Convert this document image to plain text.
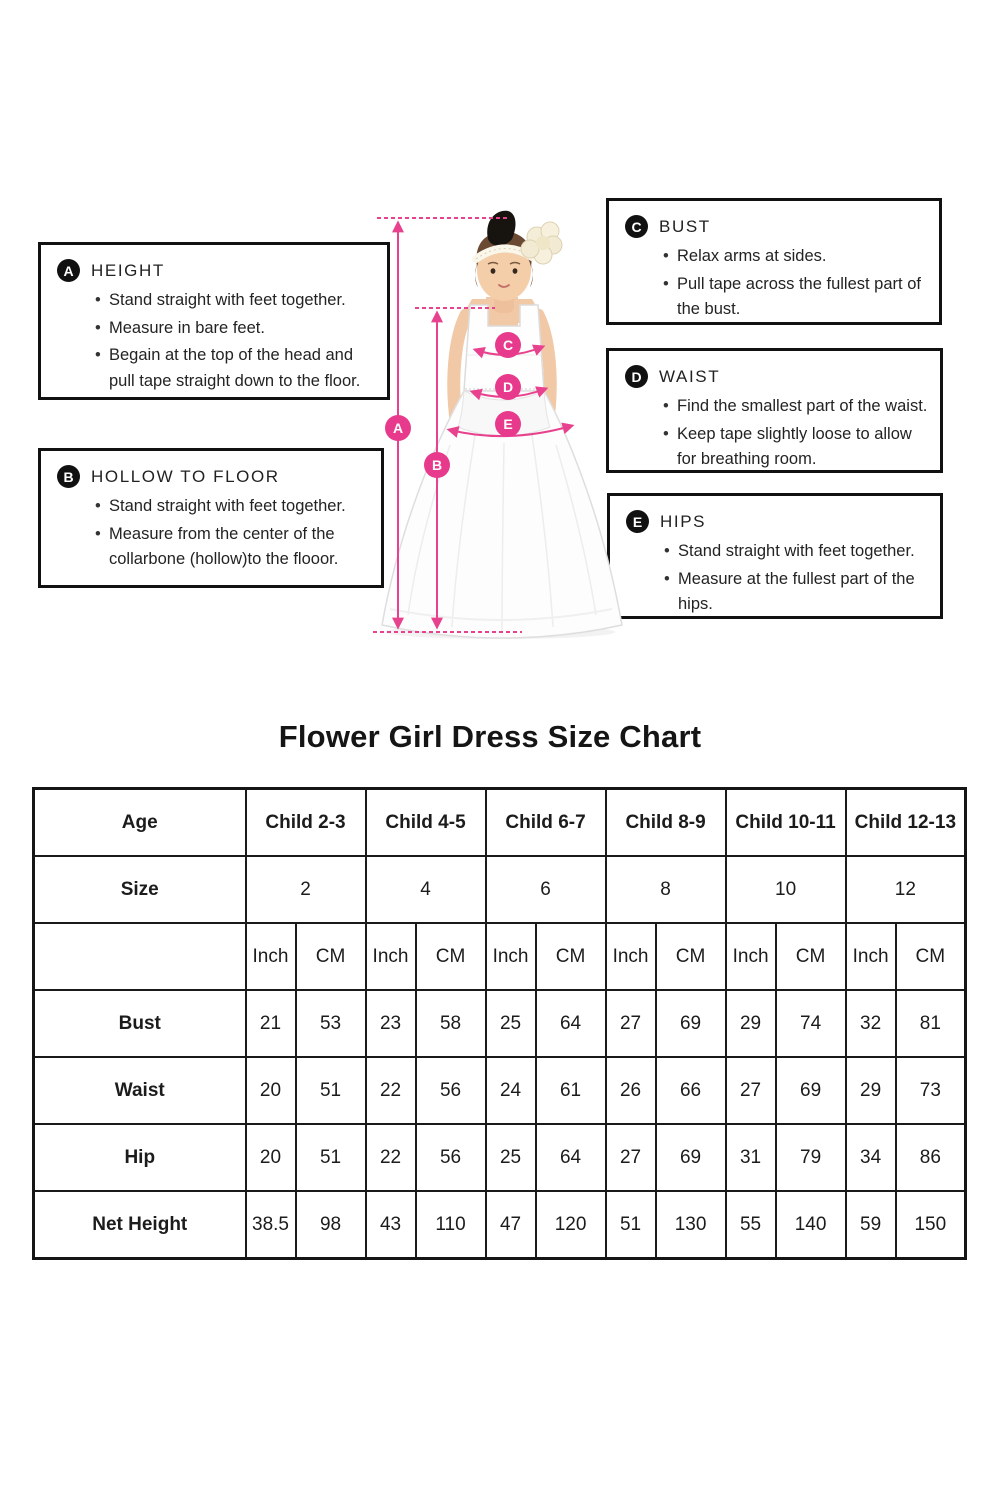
A	HEIGHT
• Stand straight with feet together.
• Measure in bare feet.
• Begain at the top of the head and pull tape straight down to the floor.
B	HOLLOW TO FLOOR
• Stand straight with feet together.
• Measure from the center of the collarbone (hollow)to the flooor.
C	BUST
• Relax arms at sides.
• Pull tape across the fullest part of the bust.
D	WAIST
• Find the smallest part of the waist.
• Keep tape slightly loose to allow for breathing room.
E	HIPS
• Stand straight with feet together.
• Measure at the fullest part of the hips.
A
B
C
D
E
Flower Girl Dress Size Chart
Age	Child 2-3		Child 4-5		Child 6-7		Child 8-9		Child 10-11		Child 12-13	
Size	2		4		6		8		10		12	
	Inch	CM	Inch	CM	Inch	CM	Inch	CM	Inch	CM	Inch	CM
Bust	21	53	23	58	25	64	27	69	29	74	32	81
Waist	20	51	22	56	24	61	26	66	27	69	29	73
Hip	20	51	22	56	25	64	27	69	31	79	34	86
Net Height	38.5	98	43	110	47	120	51	130	55	140	59	150
